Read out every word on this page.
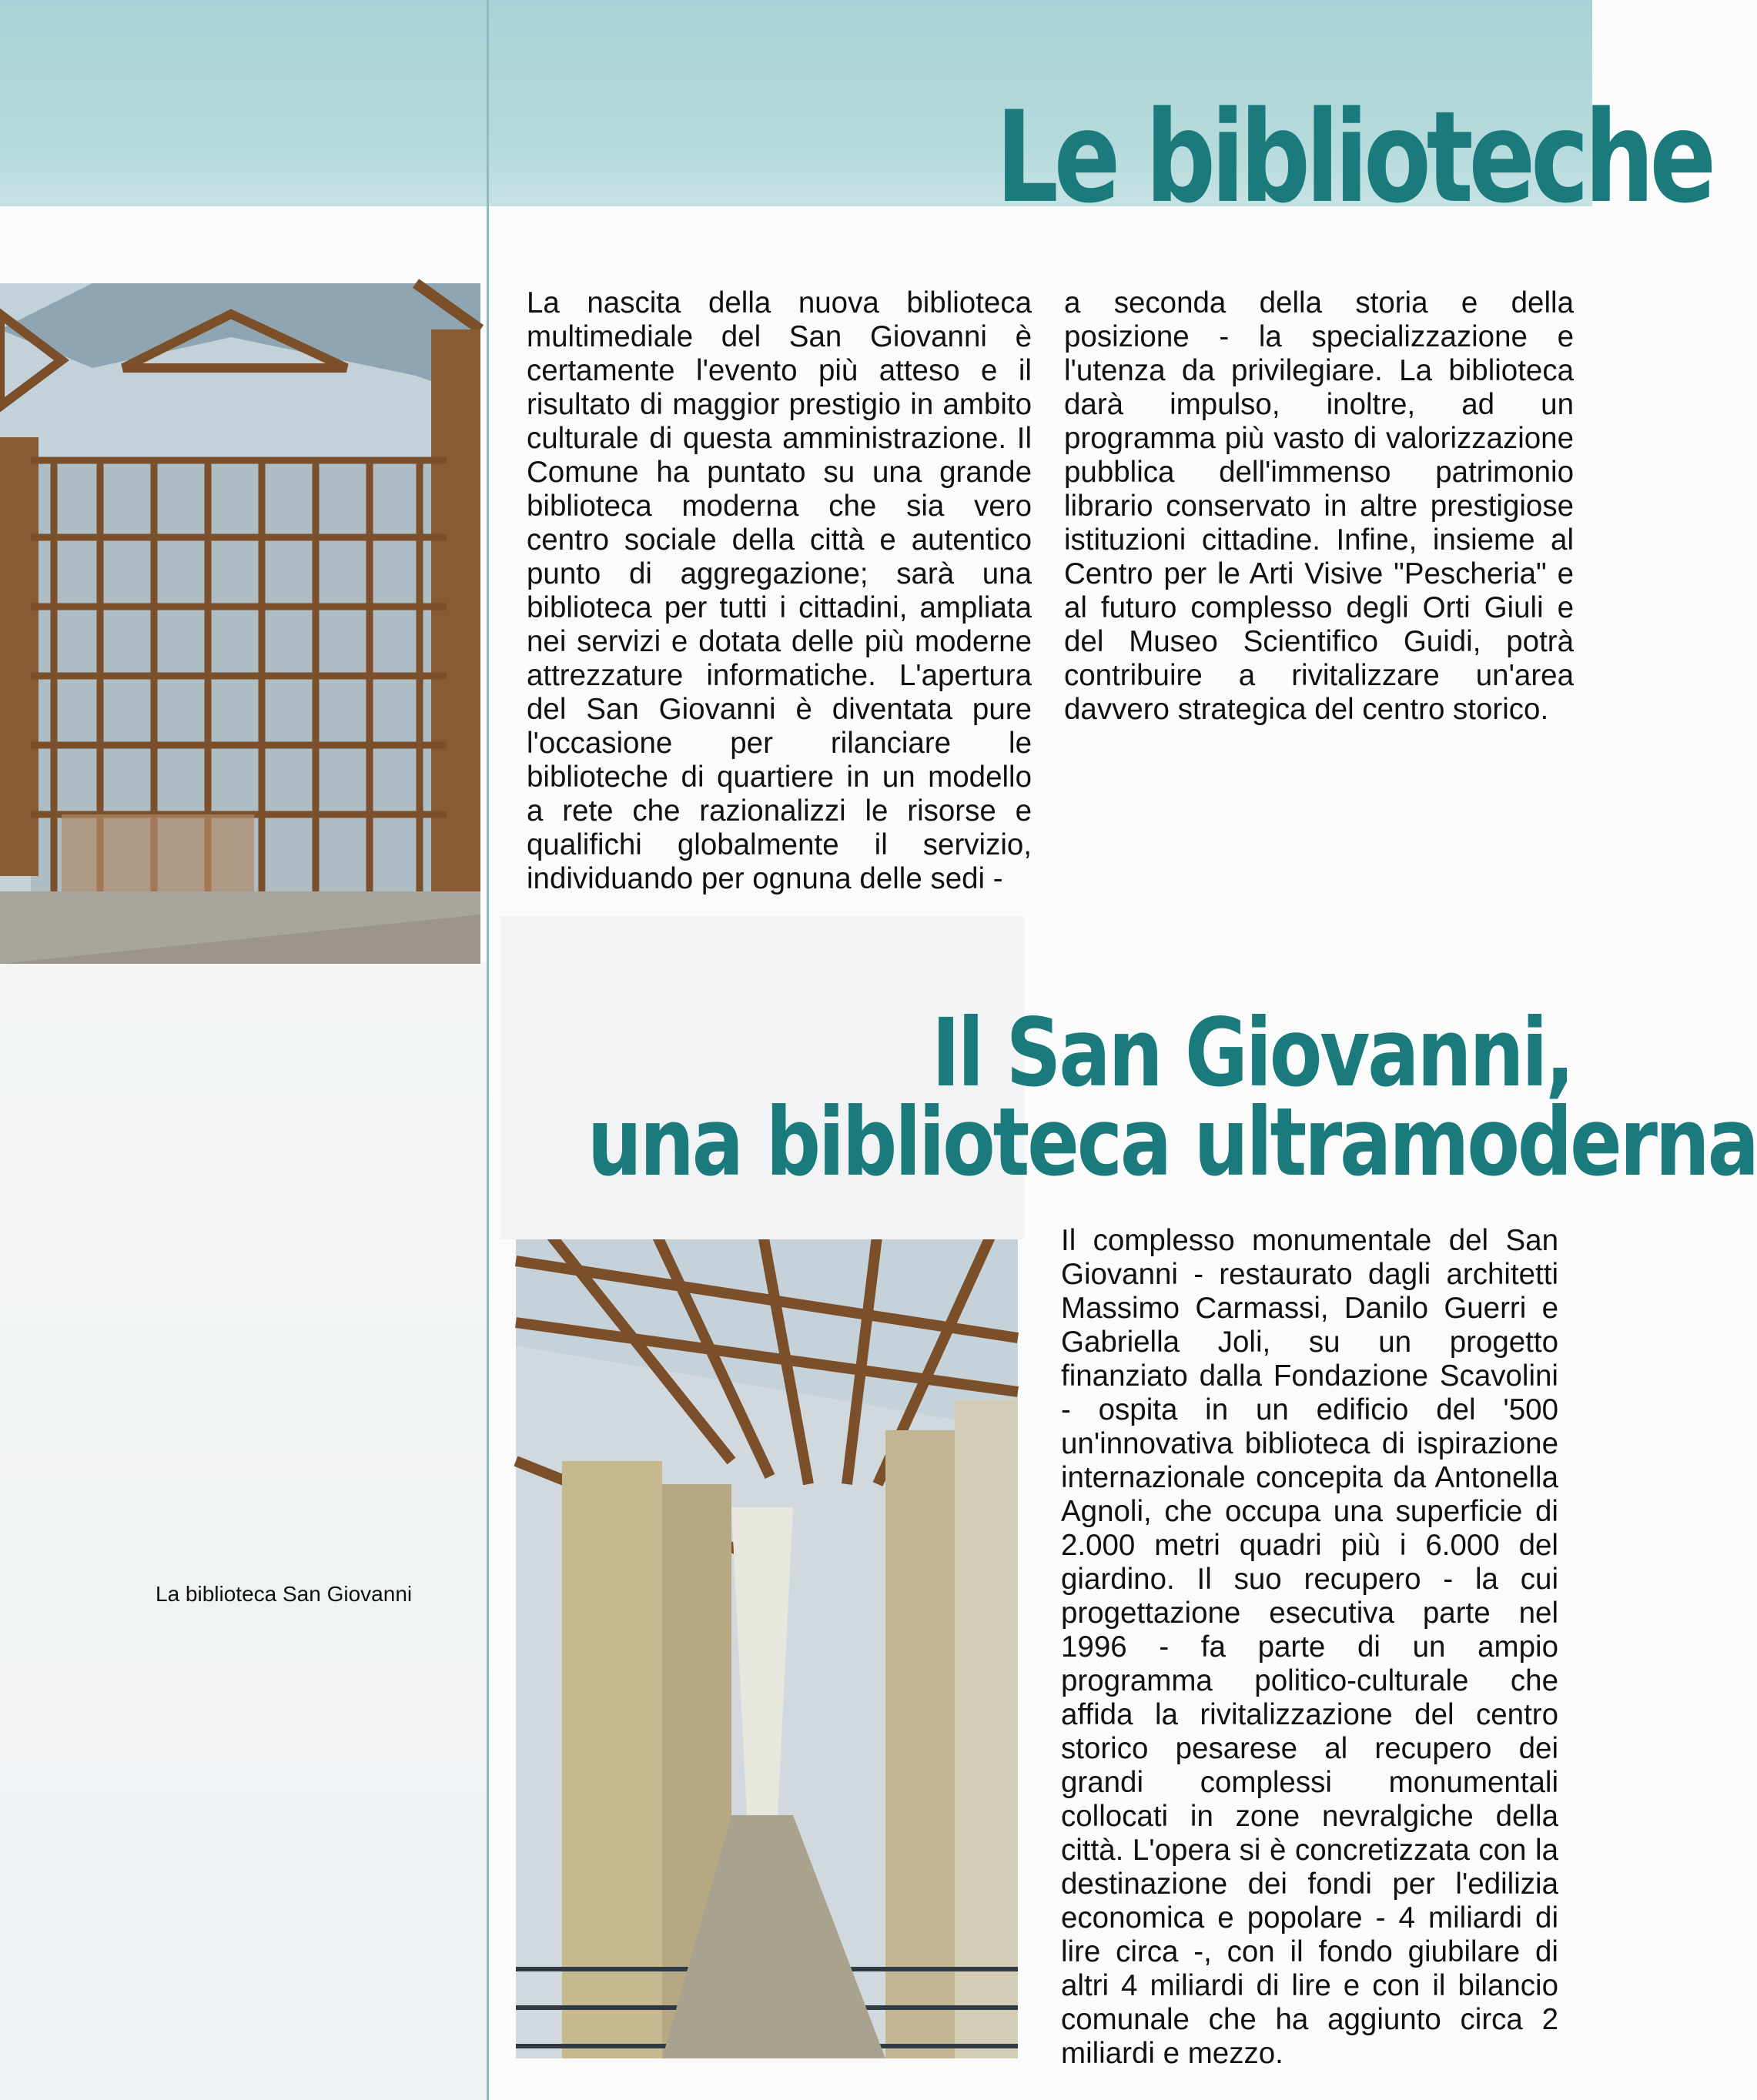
Le biblioteche

La nascita della nuova biblioteca multimediale del San Giovanni è certamente l'evento più atteso e il risultato di maggior prestigio in ambito culturale di questa amministrazione. Il Comune ha puntato su una grande biblioteca moderna che sia vero centro sociale della città e autentico punto di aggregazione; sarà una biblioteca per tutti i cittadini, ampliata nei servizi e dotata delle più moderne attrezzature informatiche. L'apertura del San Giovanni è diventata pure l'occasione per rilanciare le biblioteche di quartiere in un modello a rete che razionalizzi le risorse e qualifichi globalmente il servizio, individuando per ognuna delle sedi -

a seconda della storia e della posizione - la specializzazione e l'utenza da privilegiare. La biblioteca darà impulso, inoltre, ad un programma più vasto di valorizzazione pubblica dell'immenso patrimonio librario conservato in altre prestigiose istituzioni cittadine. Infine, insieme al Centro per le Arti Visive "Pescheria" e al futuro complesso degli Orti Giuli e del Museo Scientifico Guidi, potrà contribuire a rivitalizzare un'area davvero strategica del centro storico.

Il San Giovanni,
una biblioteca ultramoderna

Il complesso monumentale del San Giovanni - restaurato dagli architetti Massimo Carmassi, Danilo Guerri e Gabriella Joli, su un progetto finanziato dalla Fondazione Scavolini - ospita in un edificio del '500 un'innovativa biblioteca di ispirazione internazionale concepita da Antonella Agnoli, che occupa una superficie di 2.000 metri quadri più i 6.000 del giardino. Il suo recupero - la cui progettazione esecutiva parte nel 1996 - fa parte di un ampio programma politico-culturale che affida la rivitalizzazione del centro storico pesarese al recupero dei grandi complessi monumentali collocati in zone nevralgiche della città. L'opera si è concretizzata con la destinazione dei fondi per l'edilizia economica e popolare - 4 miliardi di lire circa -, con il fondo giubilare di altri 4 miliardi di lire e con il bilancio comunale che ha aggiunto circa 2 miliardi e mezzo.

La biblioteca San Giovanni
